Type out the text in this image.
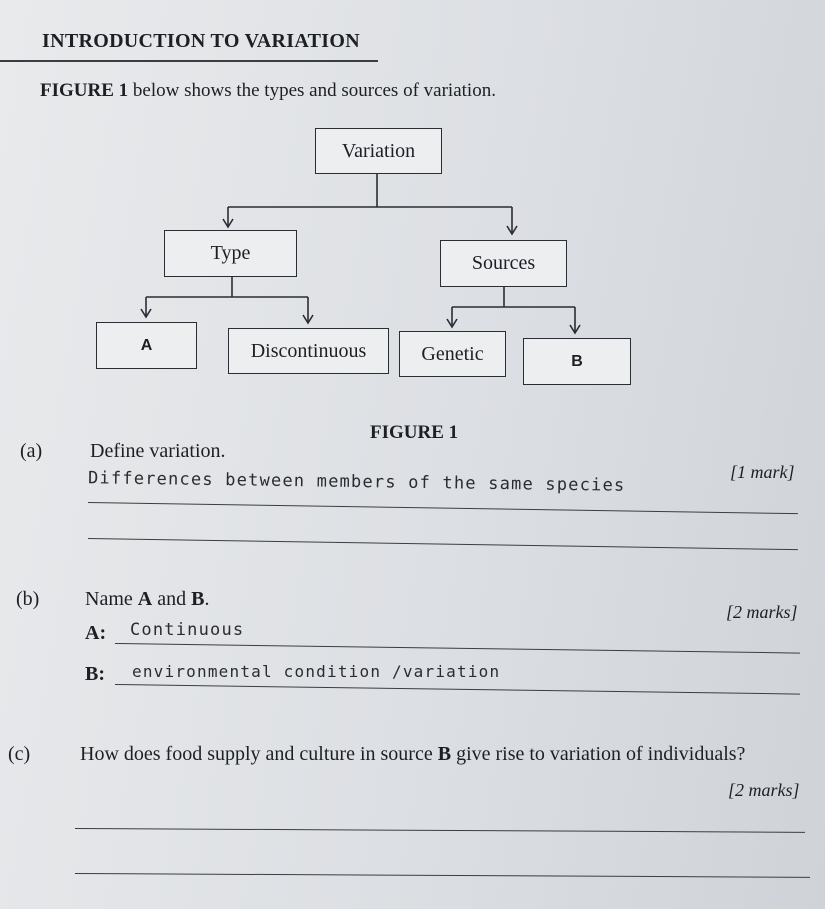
INTRODUCTION TO VARIATION
FIGURE 1 below shows the types and sources of variation.
Variation
Type	Sources
A	Discontinuous	Genetic	B
FIGURE 1
(a) Define variation.
[1 mark]
Differences between members of the same species
(b) Name A and B.
[2 marks]
A: Continuous
B: environmental condition /variation
(c) How does food supply and culture in source B give rise to variation of individuals?
[2 marks]
